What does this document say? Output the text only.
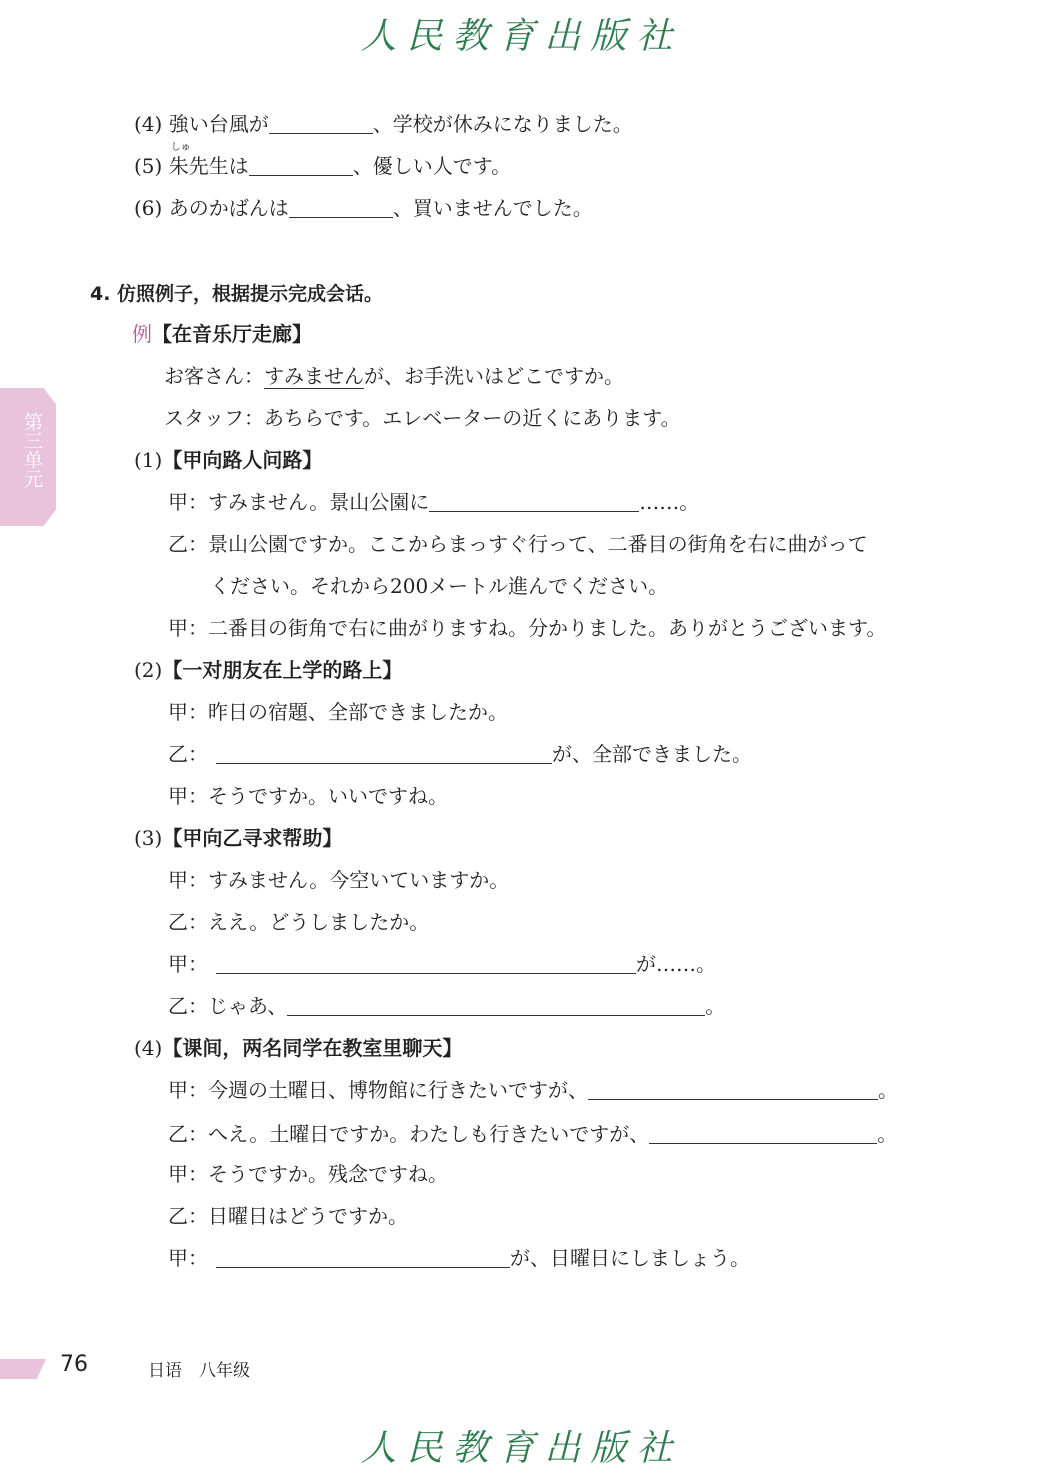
人民教育出版社
第三单元
(4) 強い台風が	、学校が休みになりました。
(5)
しゅ
朱先生は	、優しい人です。
(6) あのかばんは	、買いませんでした。
4. 仿照例子，根据提示完成会话。
例【在音乐厅走廊】
お客さん：すみませんが、お手洗いはどこですか。
スタッフ：あちらです。エレベーターの近くにあります。
(1)【甲向路人问路】
甲：すみません。景山公園に	……。
乙：景山公園ですか。ここからまっすぐ行って、二番目の街角を右に曲がって
ください。それから200メートル進んでください。
甲：二番目の街角で右に曲がりますね。分かりました。ありがとうございます。
(2)【一对朋友在上学的路上】
甲：昨日の宿題、全部できましたか。
乙：	が、全部できました。
甲：そうですか。いいですね。
(3)【甲向乙寻求帮助】
甲：すみません。今空いていますか。
乙：ええ。どうしましたか。
甲：	が……。
乙：じゃあ、	。
(4)【课间，两名同学在教室里聊天】
甲：今週の土曜日、博物館に行きたいですが、	。
乙：へえ。土曜日ですか。わたしも行きたいですが、	。
甲：そうですか。残念ですね。
乙：日曜日はどうですか。
甲：	が、日曜日にしましょう。
76	日语　八年级
人民教育出版社
